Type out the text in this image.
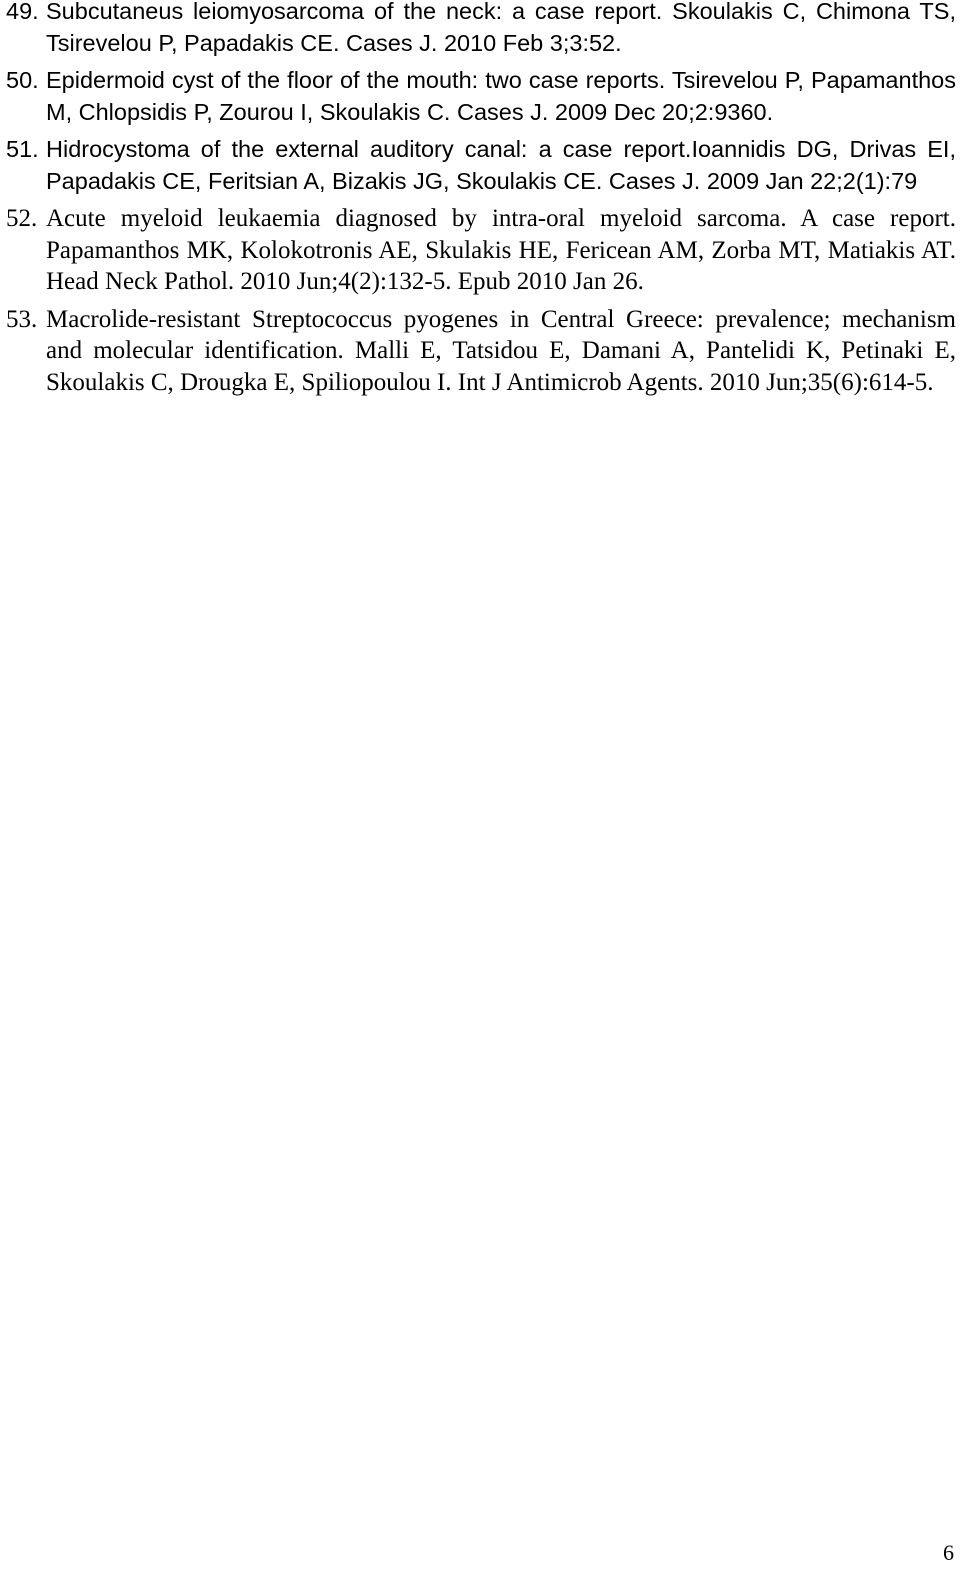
49. Subcutaneus leiomyosarcoma of the neck: a case report. Skoulakis C, Chimona TS, Tsirevelou P, Papadakis CE. Cases J. 2010 Feb 3;3:52.
50. Epidermoid cyst of the floor of the mouth: two case reports. Tsirevelou P, Papamanthos M, Chlopsidis P, Zourou I, Skoulakis C. Cases J. 2009 Dec 20;2:9360.
51. Hidrocystoma of the external auditory canal: a case report.Ioannidis DG, Drivas EI, Papadakis CE, Feritsian A, Bizakis JG, Skoulakis CE. Cases J. 2009 Jan 22;2(1):79
52. Acute myeloid leukaemia diagnosed by intra-oral myeloid sarcoma. A case report. Papamanthos MK, Kolokotronis AE, Skulakis HE, Fericean AM, Zorba MT, Matiakis AT. Head Neck Pathol. 2010 Jun;4(2):132-5. Epub 2010 Jan 26.
53. Macrolide-resistant Streptococcus pyogenes in Central Greece: prevalence; mechanism and molecular identification. Malli E, Tatsidou E, Damani A, Pantelidi K, Petinaki E, Skoulakis C, Drougka E, Spiliopoulou I. Int J Antimicrob Agents. 2010 Jun;35(6):614-5.
6
